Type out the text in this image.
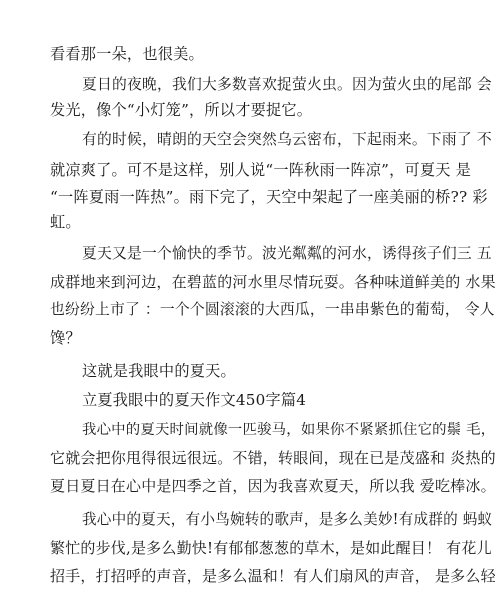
看看那一朵，也很美。
夏日的夜晚，我们大多数喜欢捉萤火虫。因为萤火虫的尾部 会
发光，像个“小灯笼”，所以才要捉它。
有的时候，晴朗的天空会突然乌云密布，下起雨来。下雨了 不
就凉爽了。可不是这样，别人说“一阵秋雨一阵凉”，可夏天 是
“一阵夏雨一阵热”。雨下完了，天空中架起了一座美丽的桥?? 彩
虹。
夏天又是一个愉快的季节。波光粼粼的河水，诱得孩子们三 五
成群地来到河边，在碧蓝的河水里尽情玩耍。各种味道鲜美的 水果
也纷纷上市了 ：一个个圆滚滚的大西瓜，一串串紫色的葡萄， 令人
馋？
这就是我眼中的夏天。
立夏我眼中的夏天作文450字篇4
我心中的夏天时间就像一匹骏马，如果你不紧紧抓住它的鬃 毛，
它就会把你甩得很远很远。不错，转眼间，现在已是茂盛和 炎热的
夏日夏日在心中是四季之首，因为我喜欢夏天，所以我 爱吃棒冰。
我心中的夏天，有小鸟婉转的歌声，是多么美妙!有成群的 蚂蚁
繁忙的步伐,是多么勤快!有郁郁葱葱的草木，是如此醒目！ 有花儿
招手，打招呼的声音，是多么温和！有人们扇风的声音， 是多么轻
